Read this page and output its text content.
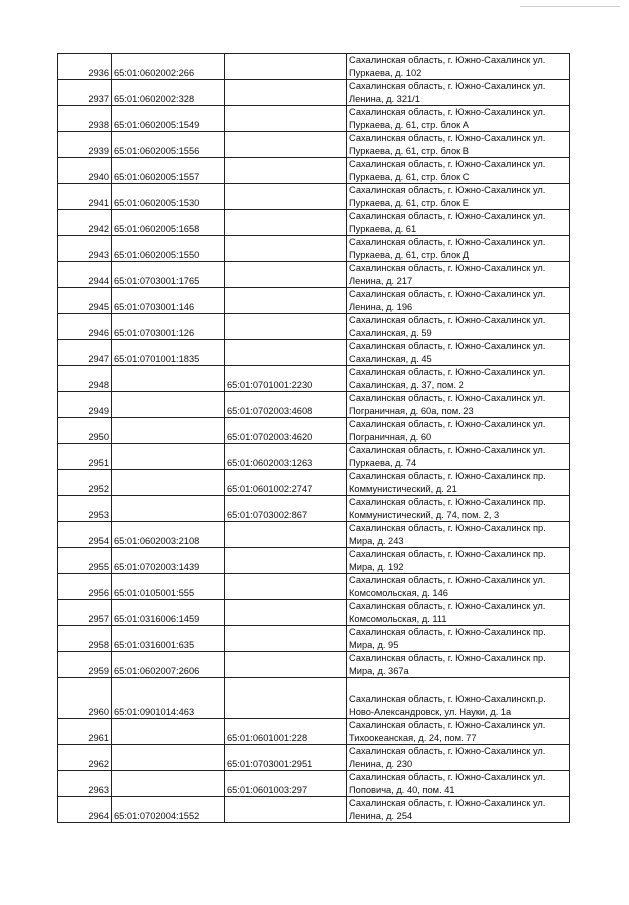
2936	65:01:0602002:266		Сахалинская область, г. Южно-Сахалинск ул. Пуркаева, д. 102
2937	65:01:0602002:328		Сахалинская область, г. Южно-Сахалинск ул. Ленина, д. 321/1
2938	65:01:0602005:1549		Сахалинская область, г. Южно-Сахалинск ул. Пуркаева, д. 61, стр. блок А
2939	65:01:0602005:1556		Сахалинская область, г. Южно-Сахалинск ул. Пуркаева, д. 61, стр. блок В
2940	65:01:0602005:1557		Сахалинская область, г. Южно-Сахалинск ул. Пуркаева, д. 61, стр. блок С
2941	65:01:0602005:1530		Сахалинская область, г. Южно-Сахалинск ул. Пуркаева, д. 61, стр. блок Е
2942	65:01:0602005:1658		Сахалинская область, г. Южно-Сахалинск ул. Пуркаева, д. 61
2943	65:01:0602005:1550		Сахалинская область, г. Южно-Сахалинск ул. Пуркаева, д. 61, стр. блок Д
2944	65:01:0703001:1765		Сахалинская область, г. Южно-Сахалинск ул. Ленина, д. 217
2945	65:01:0703001:146		Сахалинская область, г. Южно-Сахалинск ул. Ленина, д. 196
2946	65:01:0703001:126		Сахалинская область, г. Южно-Сахалинск ул. Сахалинская, д. 59
2947	65:01:0701001:1835		Сахалинская область, г. Южно-Сахалинск ул. Сахалинская, д. 45
2948		65:01:0701001:2230	Сахалинская область, г. Южно-Сахалинск ул. Сахалинская, д. 37, пом. 2
2949		65:01:0702003:4608	Сахалинская область, г. Южно-Сахалинск ул. Пограничная, д. 60а, пом. 23
2950		65:01:0702003:4620	Сахалинская область, г. Южно-Сахалинск ул. Пограничная, д. 60
2951		65:01:0602003:1263	Сахалинская область, г. Южно-Сахалинск ул. Пуркаева, д. 74
2952		65:01:0601002:2747	Сахалинская область, г. Южно-Сахалинск пр. Коммунистический, д. 21
2953		65:01:0703002:867	Сахалинская область, г. Южно-Сахалинск пр. Коммунистический, д. 74, пом. 2, 3
2954	65:01:0602003:2108		Сахалинская область, г. Южно-Сахалинск пр. Мира, д. 243
2955	65:01:0702003:1439		Сахалинская область, г. Южно-Сахалинск пр. Мира, д. 192
2956	65:01:0105001:555		Сахалинская область, г. Южно-Сахалинск ул. Комсомольская, д. 146
2957	65:01:0316006:1459		Сахалинская область, г. Южно-Сахалинск ул. Комсомольская, д. 111
2958	65:01:0316001:635		Сахалинская область, г. Южно-Сахалинск пр. Мира, д. 95
2959	65:01:0602007:2606		Сахалинская область, г. Южно-Сахалинск пр. Мира, д. 367а
2960	65:01:0901014:463		Сахалинская область, г. Южно-Сахалинскп.р. Ново-Александровск, ул. Науки, д. 1а
2961		65:01:0601001:228	Сахалинская область, г. Южно-Сахалинск ул. Тихоокеанская, д. 24, пом. 77
2962		65:01:0703001:2951	Сахалинская область, г. Южно-Сахалинск ул. Ленина, д. 230
2963		65:01:0601003:297	Сахалинская область, г. Южно-Сахалинск ул. Поповича, д. 40, пом. 41
2964	65:01:0702004:1552		Сахалинская область, г. Южно-Сахалинск ул. Ленина, д. 254
